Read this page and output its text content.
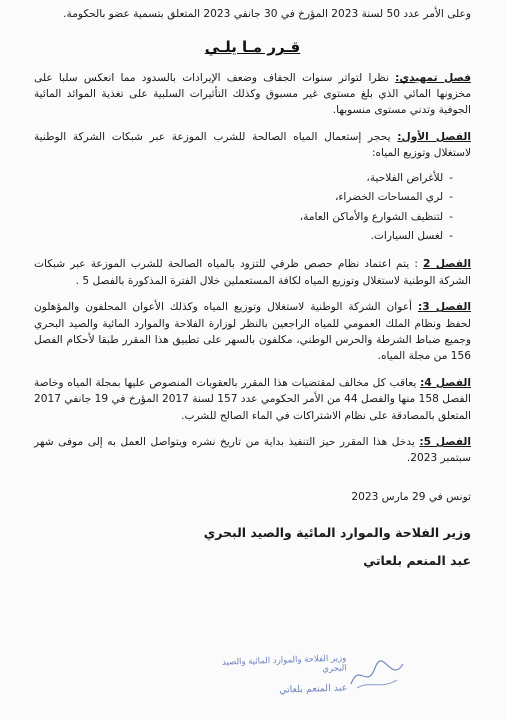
وعلى الأمر عدد 50 لسنة 2023 المؤرخ في 30 جانفي 2023 المتعلق بتسمية عضو بالحكومة.

قـرر مـا يلـي

فصل تمهيدي: نظرا لتواتر سنوات الجفاف وضعف الإيرادات بالسدود مما انعكس سلبا على مخزونها المائي الذي بلغ مستوى غير مسبوق وكذلك التأثيرات السلبية على تغذية الموائد المائية الجوفية وتدني مستوى منسوبها.

الفصل الأول: يحجر إستعمال المياه الصالحة للشرب الموزعة عبر شبكات الشركة الوطنية لاستغلال وتوزيع المياه:

-للأغراض الفلاحية،
-لري المساحات الخضراء،
-لتنظيف الشوارع والأماكن العامة،
-لغسل السيارات.

الفصل 2 : يتم اعتماد نظام حصص ظرفي للتزود بالمياه الصالحة للشرب الموزعة عبر شبكات الشركة الوطنية لاستغلال وتوزيع المياه لكافة المستعملين خلال الفترة المذكورة بالفصل 5 .

الفصل 3: أعوان الشركة الوطنية لاستغلال وتوزيع المياه وكذلك الأعوان المحلفون والمؤهلون لحفظ ونظام الملك العمومي للمياه الراجعين بالنظر لوزارة الفلاحة والموارد المائية والصيد البحري وجميع ضباط الشرطة والحرس الوطني، مكلفون بالسهر على تطبيق هذا المقرر طبقا لأحكام الفصل 156 من مجلة المياه.

الفصل 4: يعاقب كل مخالف لمقتضيات هذا المقرر بالعقوبات المنصوص عليها بمجلة المياه وخاصة الفصل 158 منها والفصل 44 من الأمر الحكومي عدد 157 لسنة 2017 المؤرخ في 19 جانفي 2017 المتعلق بالمصادقة على نظام الاشتراكات في الماء الصالح للشرب.

الفصل 5: يدخل هذا المقرر حيز التنفيذ بداية من تاريخ نشره ويتواصل العمل به إلى موفى شهر سبتمبر 2023.

تونس في 29 مارس 2023
وزير الفلاحة والموارد المائية والصيد البحري
عبد المنعم بلعاتي
وزير الفلاحة والموارد المائية والصيد البحري
عبد المنعم بلعاتي
